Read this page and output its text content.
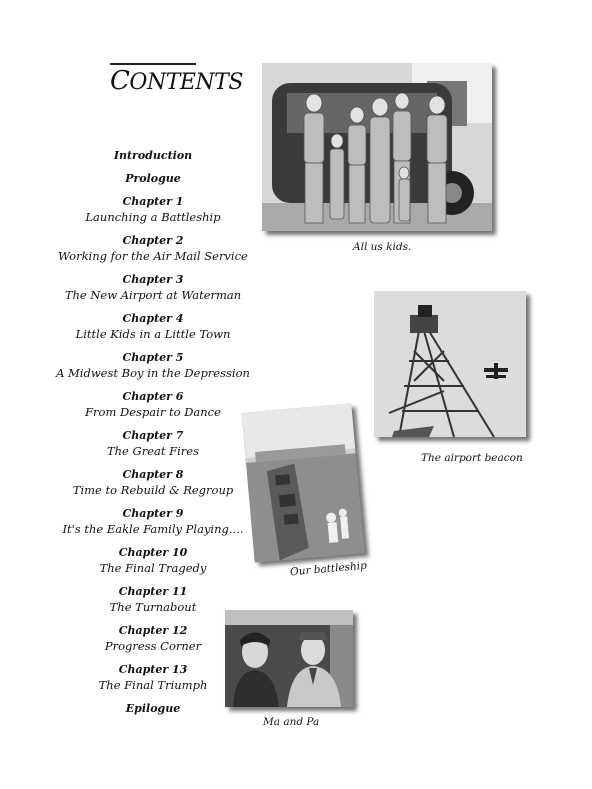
CONTENTS
Introduction
Prologue
Chapter 1
Launching a Battleship
Chapter 2
Working for the Air Mail Service
Chapter 3
The New Airport at Waterman
Chapter 4
Little Kids in a Little Town
Chapter 5
A Midwest Boy in the Depression
Chapter 6
From Despair to Dance
Chapter 7
The Great Fires
Chapter 8
Time to Rebuild & Regroup
Chapter 9
It's the Eakle Family Playing....
Chapter 10
The Final Tragedy
Chapter 11
The Turnabout
Chapter 12
Progress Corner
Chapter 13
The Final Triumph
Epilogue
All us kids.
The airport beacon
Our battleship
Ma and Pa
